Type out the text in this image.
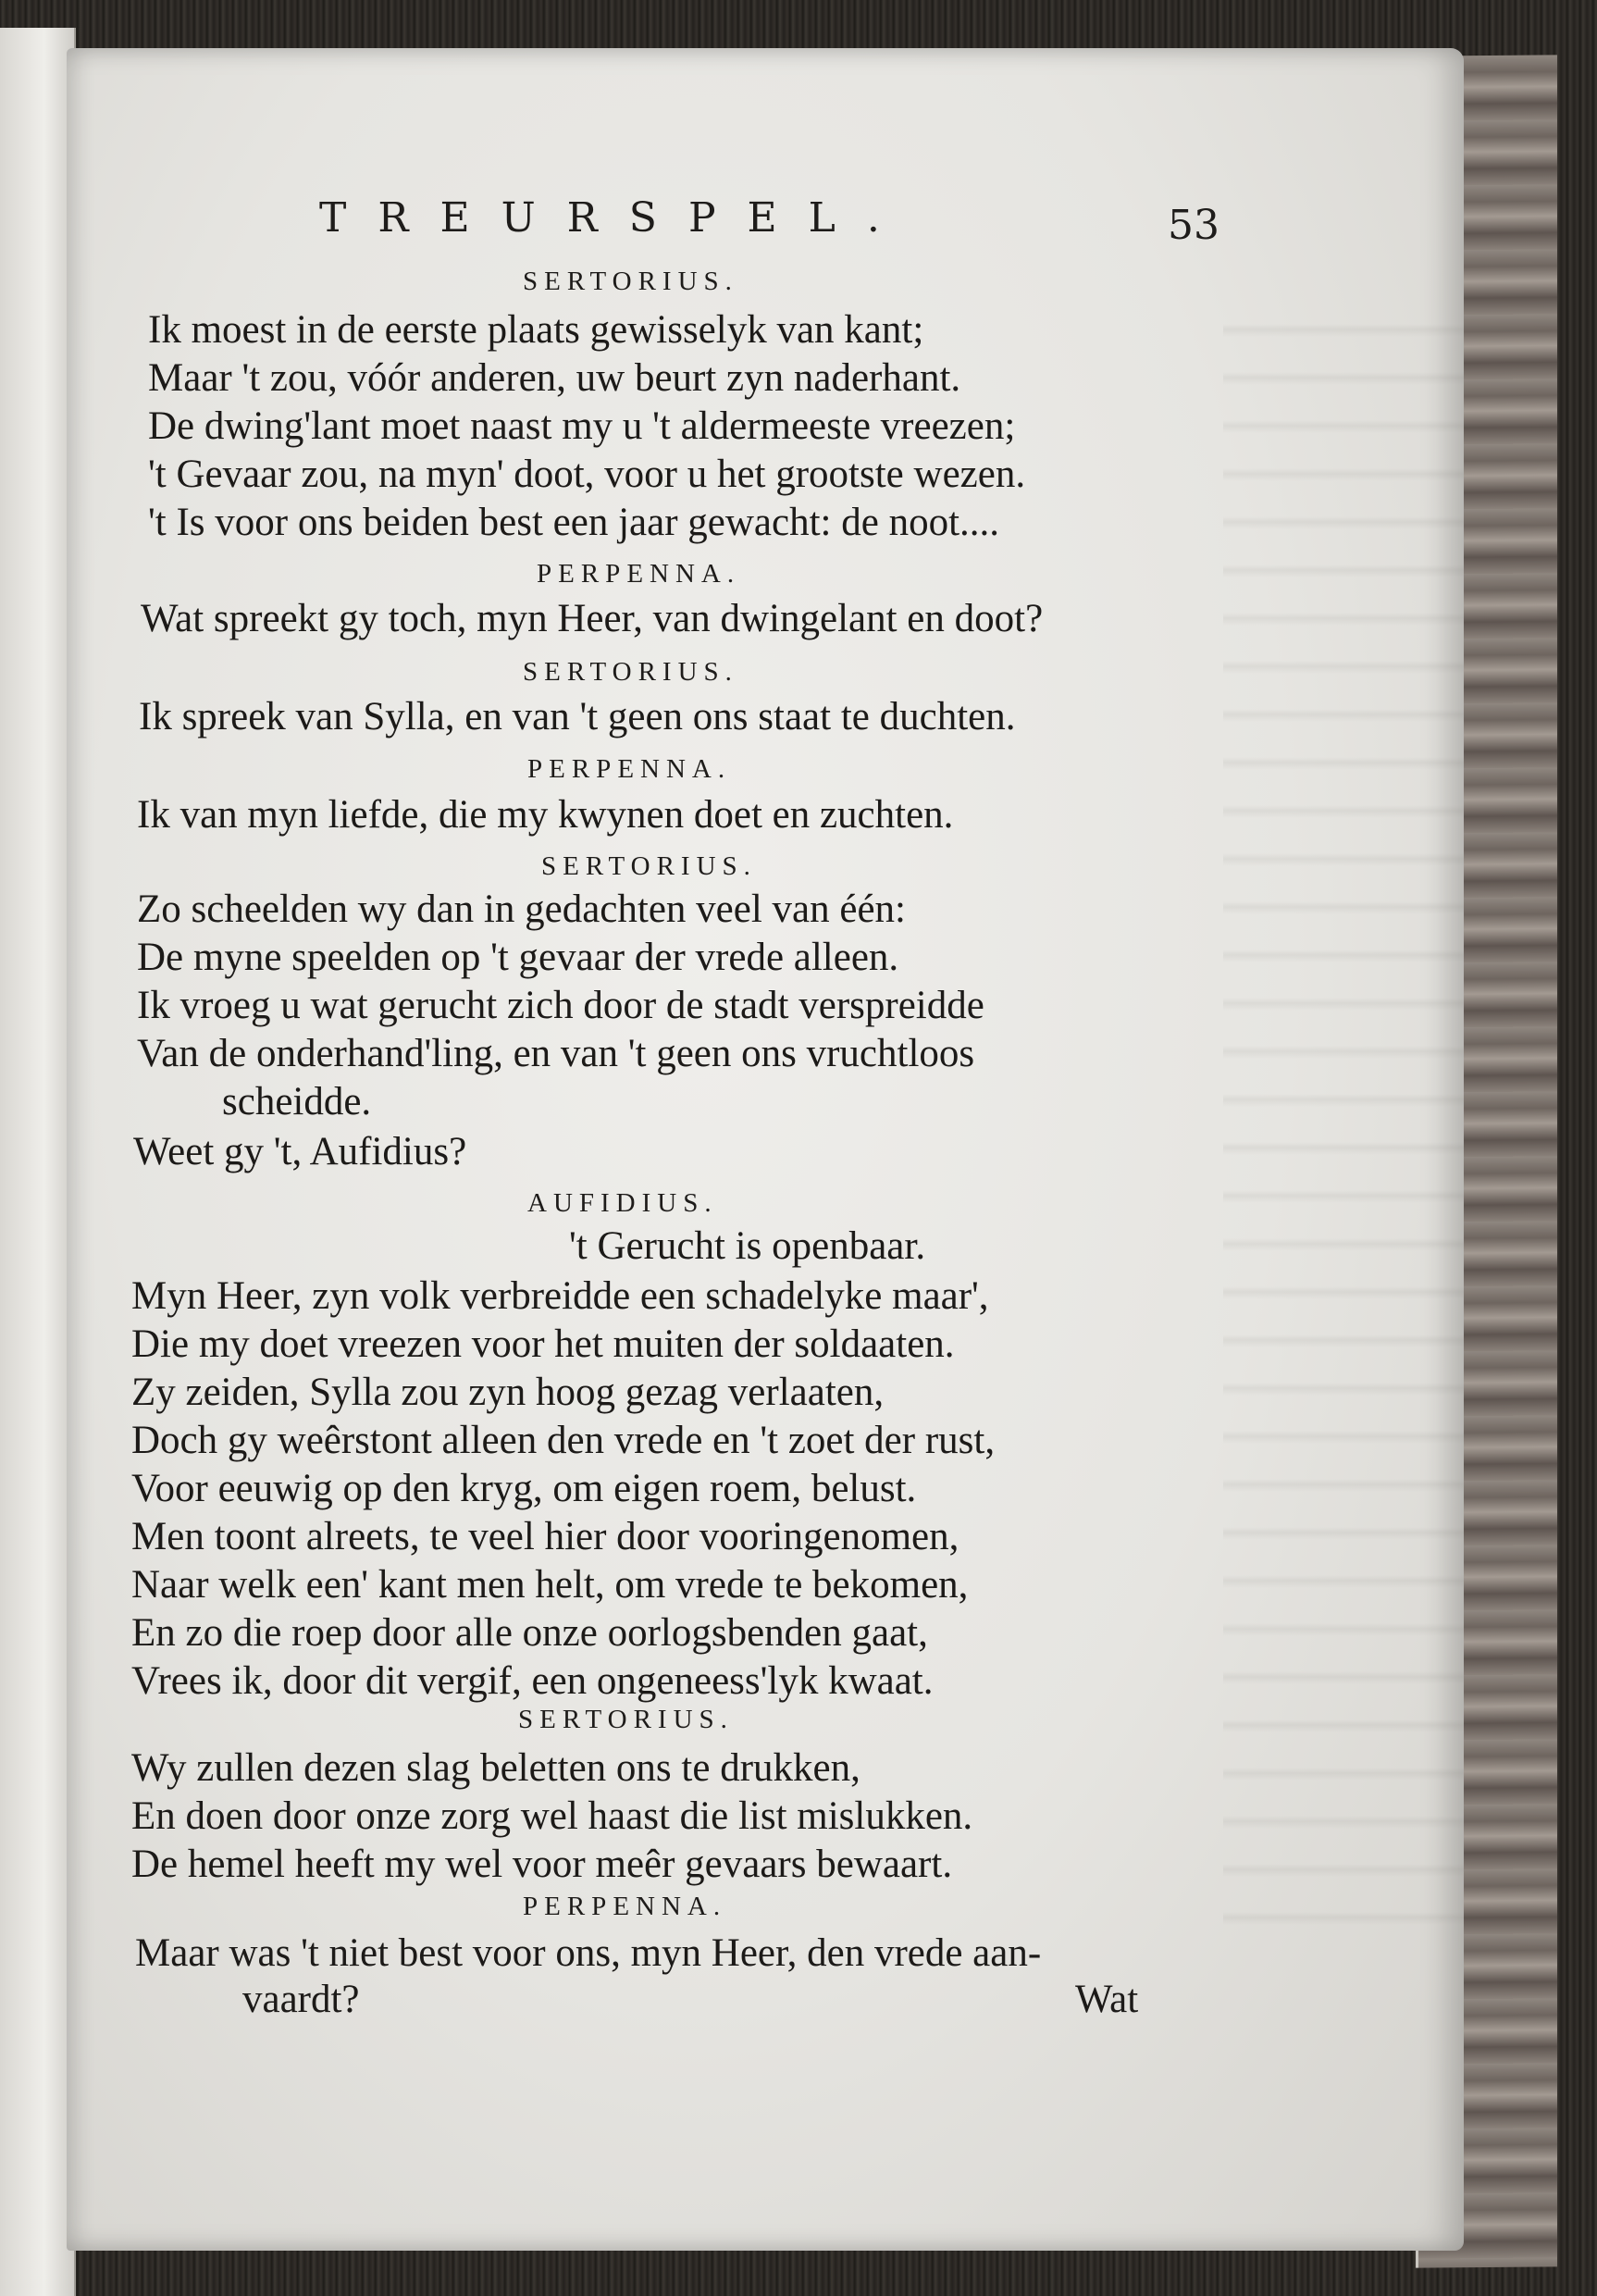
TREURSPEL.	53
SERTORIUS.
Ik moest in de eerste plaats gewisselyk van kant;
Maar 't zou, vóór anderen, uw beurt zyn naderhant.
De dwing'lant moet naast my u 't aldermeeste vreezen;
't Gevaar zou, na myn' doot, voor u het grootste wezen.
't Is voor ons beiden best een jaar gewacht: de noot....
PERPENNA.
Wat spreekt gy toch, myn Heer, van dwingelant en doot?
SERTORIUS.
Ik spreek van Sylla, en van 't geen ons staat te duchten.
PERPENNA.
Ik van myn liefde, die my kwynen doet en zuchten.
SERTORIUS.
Zo scheelden wy dan in gedachten veel van één:
De myne speelden op 't gevaar der vrede alleen.
Ik vroeg u wat gerucht zich door de stadt verspreidde
Van de onderhand'ling, en van 't geen ons vruchtloos
scheidde.
Weet gy 't, Aufidius?
AUFIDIUS.
't Gerucht is openbaar.
Myn Heer, zyn volk verbreidde een schadelyke maar',
Die my doet vreezen voor het muiten der soldaaten.
Zy zeiden, Sylla zou zyn hoog gezag verlaaten,
Doch gy weêrstont alleen den vrede en 't zoet der rust,
Voor eeuwig op den kryg, om eigen roem, belust.
Men toont alreets, te veel hier door vooringenomen,
Naar welk een' kant men helt, om vrede te bekomen,
En zo die roep door alle onze oorlogsbenden gaat,
Vrees ik, door dit vergif, een ongeneess'lyk kwaat.
SERTORIUS.
Wy zullen dezen slag beletten ons te drukken,
En doen door onze zorg wel haast die list mislukken.
De hemel heeft my wel voor meêr gevaars bewaart.
PERPENNA.
Maar was 't niet best voor ons, myn Heer, den vrede aan-
vaardt?	Wat
